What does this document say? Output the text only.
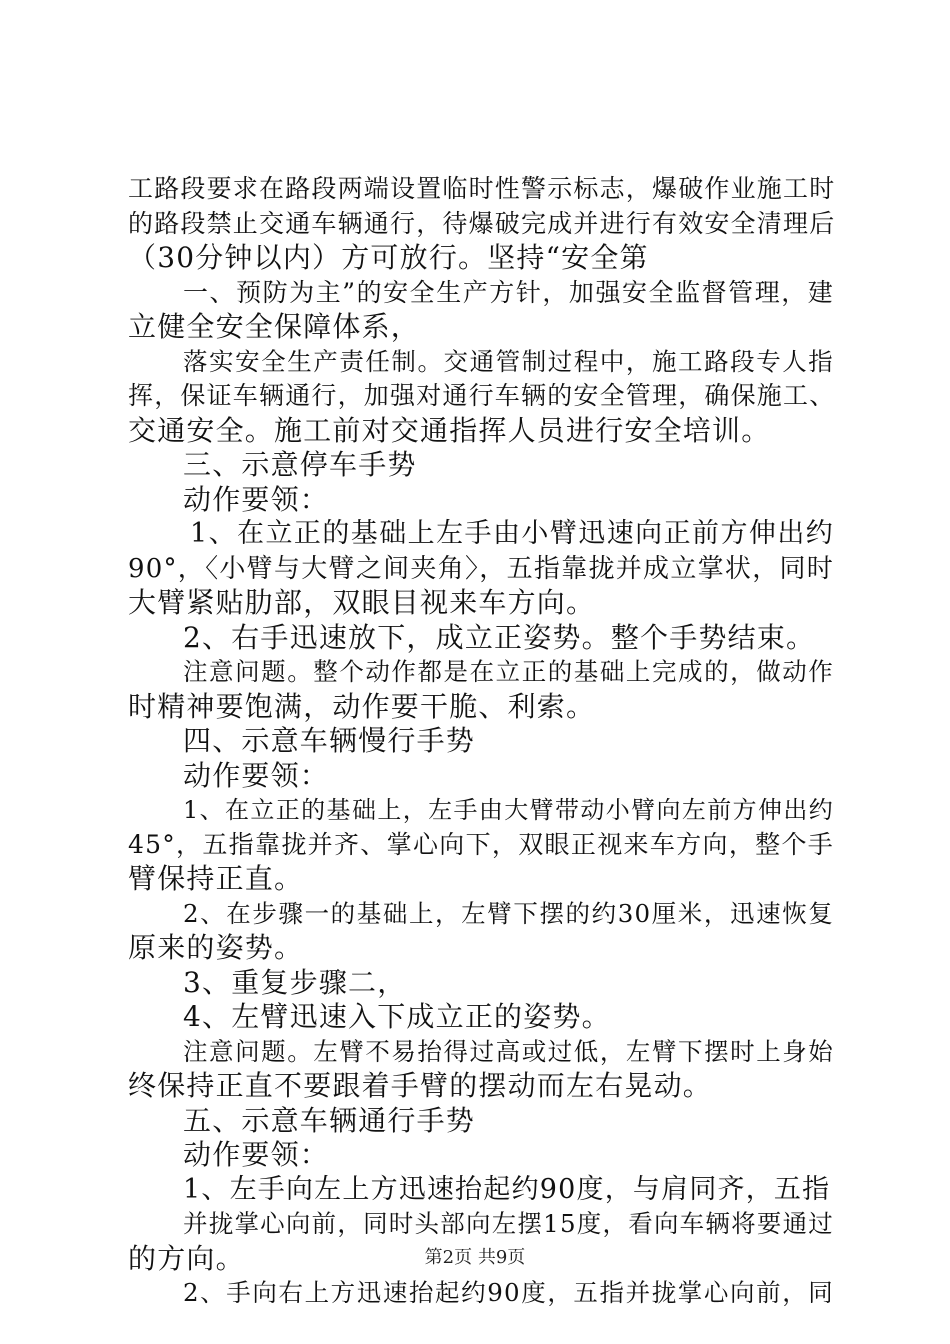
工路段要求在路段两端设置临时性警示标志，爆破作业施工时
的路段禁止交通车辆通行，待爆破完成并进行有效安全清理后
（30分钟以内）方可放行。坚持“安全第
一、预防为主”的安全生产方针，加强安全监督管理，建
立健全安全保障体系，
落实安全生产责任制。交通管制过程中，施工路段专人指
挥，保证车辆通行，加强对通行车辆的安全管理，确保施工、
交通安全。施工前对交通指挥人员进行安全培训。
三、示意停车手势
动作要领：
1、在立正的基础上左手由小臂迅速向正前方伸出约
90°，〈小臂与大臂之间夹角〉，五指靠拢并成立掌状，同时
大臂紧贴肋部，双眼目视来车方向。
2、右手迅速放下，成立正姿势。整个手势结束。
注意问题。整个动作都是在立正的基础上完成的，做动作
时精神要饱满，动作要干脆、利索。
四、示意车辆慢行手势
动作要领：
1、在立正的基础上，左手由大臂带动小臂向左前方伸出约
45°，五指靠拢并齐、掌心向下，双眼正视来车方向，整个手
臂保持正直。
2、在步骤一的基础上，左臂下摆的约30厘米，迅速恢复
原来的姿势。
3、重复步骤二，
4、左臂迅速入下成立正的姿势。
注意问题。左臂不易抬得过高或过低，左臂下摆时上身始
终保持正直不要跟着手臂的摆动而左右晃动。
五、示意车辆通行手势
动作要领：
1、左手向左上方迅速抬起约90度，与肩同齐，五指
并拢掌心向前，同时头部向左摆15度，看向车辆将要通过
的方向。
2、手向右上方迅速抬起约90度，五指并拢掌心向前，同
第2页 共9页
